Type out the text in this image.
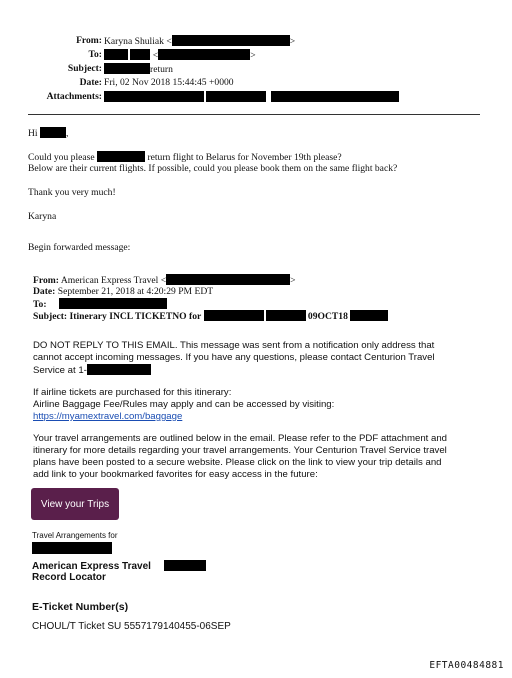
From: Karyna Shuliak <	>
To:	<	>
Subject:	return
Date: Fri, 02 Nov 2018 15:44:45 +0000
Attachments:
Hi	,
Could you please	return flight to Belarus for November 19th please?
Below are their current flights. If possible, could you please book them on the same flight back?
Thank you very much!
Karyna
Begin forwarded message:
From: American Express Travel <	>
Date: September 21, 2018 at 4:20:29 PM EDT
To:
Subject: Itinerary INCL TICKETNO for	09OCT18
DO NOT REPLY TO THIS EMAIL. This message was sent from a notification only address that
cannot accept incoming messages. If you have any questions, please contact Centurion Travel
Service at 1-
If airline tickets are purchased for this itinerary:
Airline Baggage Fee/Rules may apply and can be accessed by visiting:
https://myamextravel.com/baggage
Your travel arrangements are outlined below in the email. Please refer to the PDF attachment and
itinerary for more details regarding your travel arrangements. Your Centurion Travel Service travel
plans have been posted to a secure website. Please click on the link to view your trip details and
add link to your bookmarked favorites for easy access in the future:
View your Trips
Travel Arrangements for
American Express Travel
Record Locator
E-Ticket Number(s)
CHOUL/T Ticket SU 5557179140455-06SEP
EFTA00484881
